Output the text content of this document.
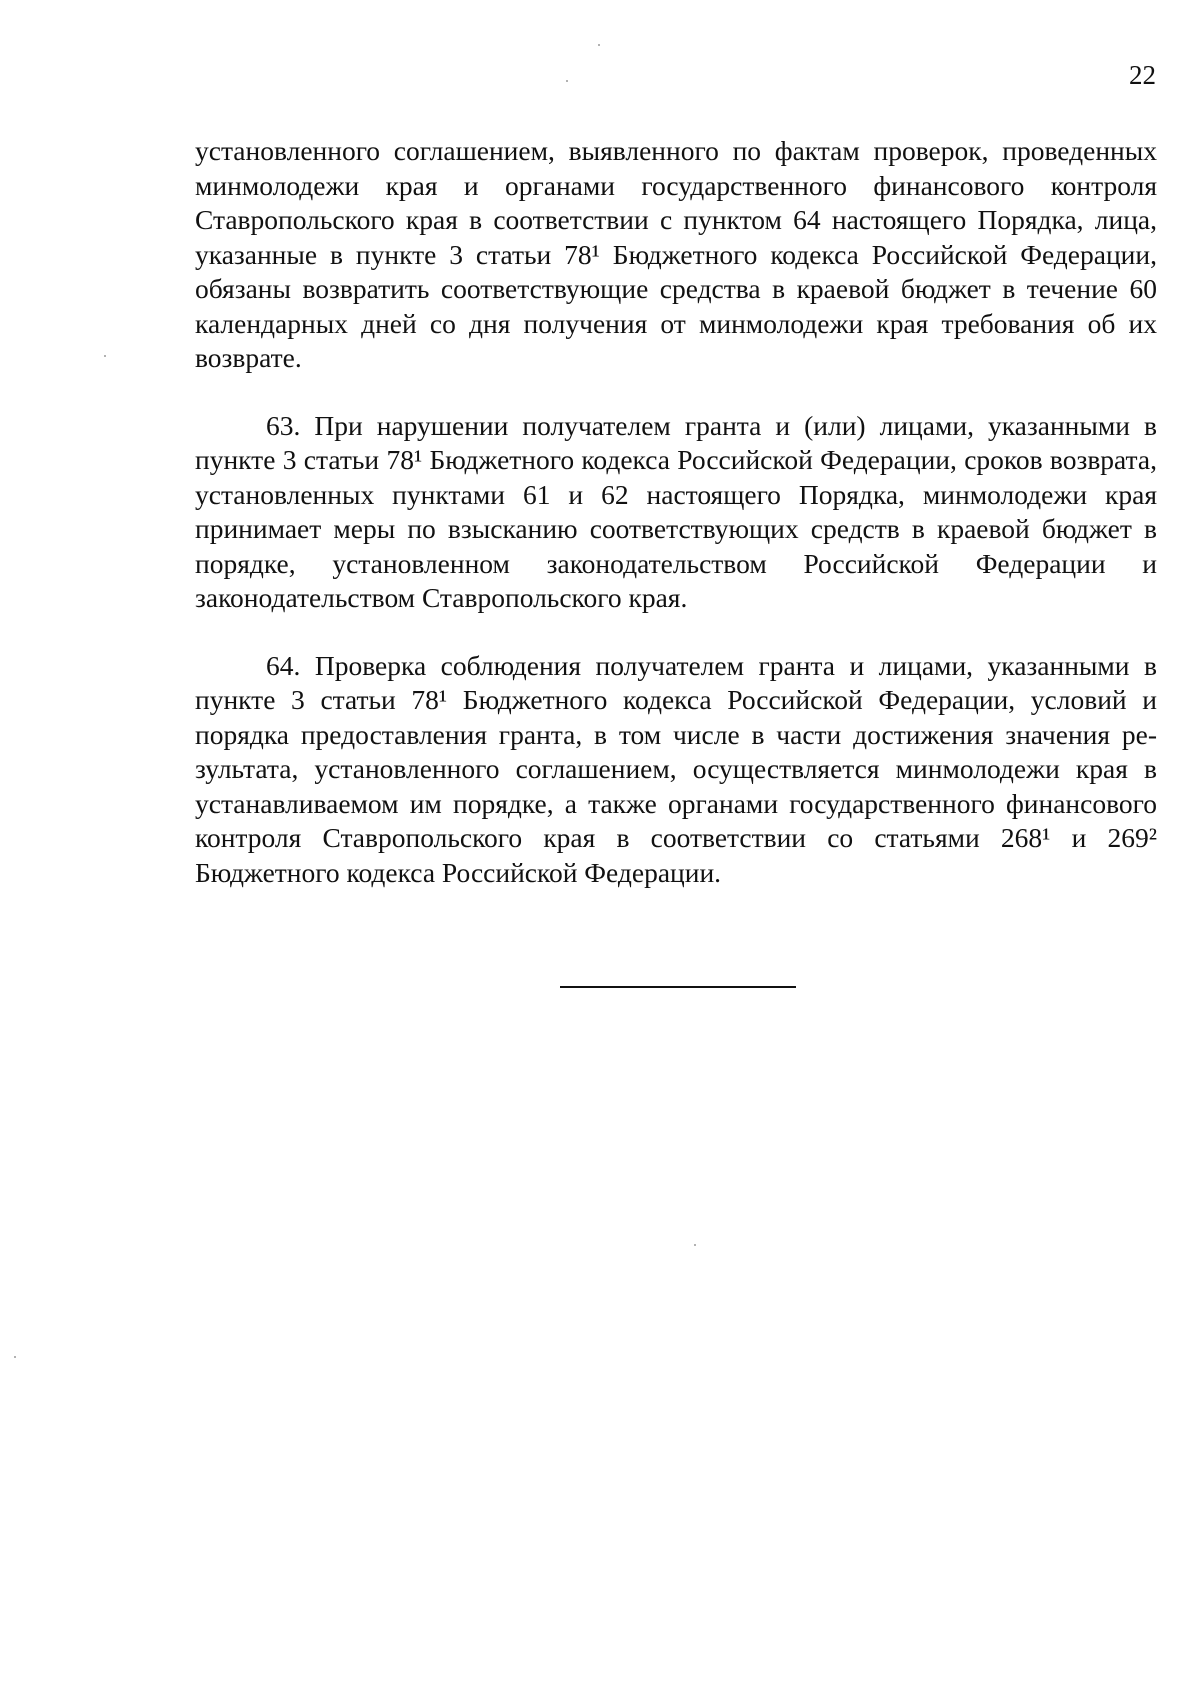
22

установленного соглашением, выявленного по фактам проверок, проведенных минмолодежи края и органами государственного финансового контроля Ставропольского края в соответствии с пунктом 64 настоящего Порядка, лица, указанные в пункте 3 статьи 78¹ Бюджетного кодекса Российской Федерации, обязаны возвратить соответствующие средства в краевой бюджет в течение 60 календарных дней со дня получения от минмолодежи края требования об их возврате.

63. При нарушении получателем гранта и (или) лицами, указанными в пункте 3 статьи 78¹ Бюджетного кодекса Российской Федерации, сроков возврата, установленных пунктами 61 и 62 настоящего Порядка, минмолодежи края принимает меры по взысканию соответствующих средств в краевой бюджет в порядке, установленном законодательством Российской Федерации и законодательством Ставропольского края.

64. Проверка соблюдения получателем гранта и лицами, указанными в пункте 3 статьи 78¹ Бюджетного кодекса Российской Федерации, условий и порядка предоставления гранта, в том числе в части достижения значения результата, установленного соглашением, осуществляется минмолодежи края в устанавливаемом им порядке, а также органами государственного финансового контроля Ставропольского края в соответствии со статьями 268¹ и 269² Бюджетного кодекса Российской Федерации.
